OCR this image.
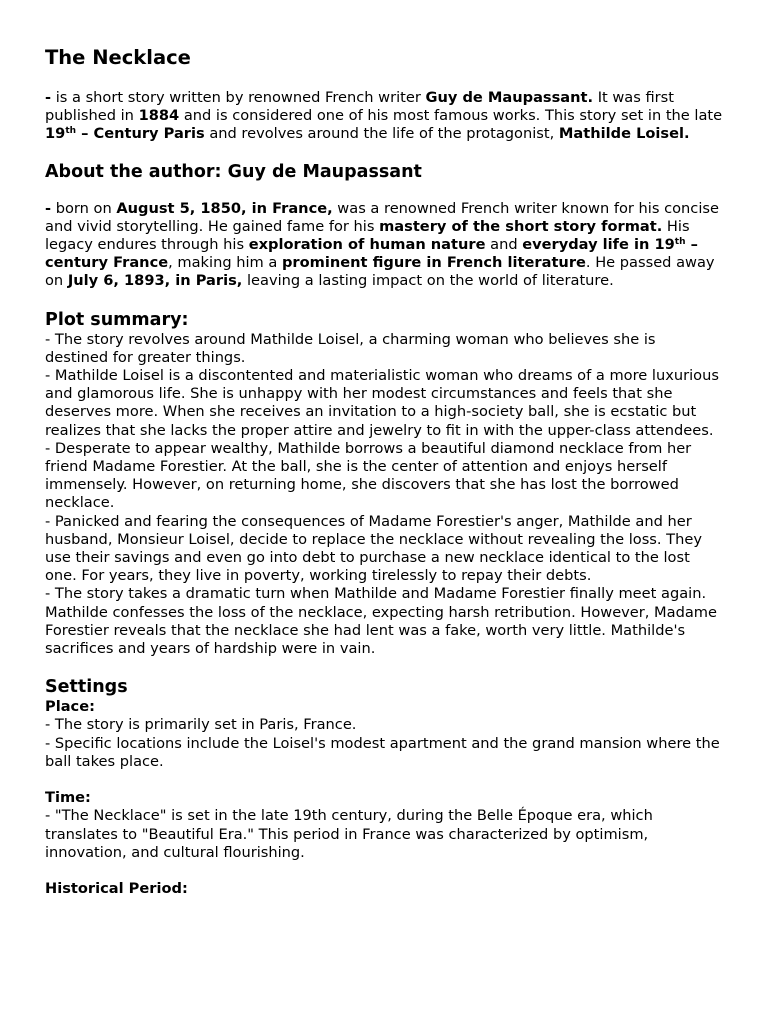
The Necklace

- is a short story written by renowned French writer Guy de Maupassant. It was first published in 1884 and is considered one of his most famous works. This story set in the late 19th – Century Paris and revolves around the life of the protagonist, Mathilde Loisel.

About the author: Guy de Maupassant

- born on August 5, 1850, in France, was a renowned French writer known for his concise and vivid storytelling. He gained fame for his mastery of the short story format. His legacy endures through his exploration of human nature and everyday life in 19th – century France, making him a prominent figure in French literature. He passed away on July 6, 1893, in Paris, leaving a lasting impact on the world of literature.

Plot summary:

- The story revolves around Mathilde Loisel, a charming woman who believes she is destined for greater things.

- Mathilde Loisel is a discontented and materialistic woman who dreams of a more luxurious and glamorous life. She is unhappy with her modest circumstances and feels that she deserves more. When she receives an invitation to a high-society ball, she is ecstatic but realizes that she lacks the proper attire and jewelry to fit in with the upper-class attendees.

- Desperate to appear wealthy, Mathilde borrows a beautiful diamond necklace from her friend Madame Forestier. At the ball, she is the center of attention and enjoys herself immensely. However, on returning home, she discovers that she has lost the borrowed necklace.

- Panicked and fearing the consequences of Madame Forestier's anger, Mathilde and her husband, Monsieur Loisel, decide to replace the necklace without revealing the loss. They use their savings and even go into debt to purchase a new necklace identical to the lost one. For years, they live in poverty, working tirelessly to repay their debts.

- The story takes a dramatic turn when Mathilde and Madame Forestier finally meet again. Mathilde confesses the loss of the necklace, expecting harsh retribution. However, Madame Forestier reveals that the necklace she had lent was a fake, worth very little. Mathilde's sacrifices and years of hardship were in vain.

Settings

Place:

- The story is primarily set in Paris, France.

- Specific locations include the Loisel's modest apartment and the grand mansion where the ball takes place.

Time:

- "The Necklace" is set in the late 19th century, during the Belle Époque era, which translates to "Beautiful Era." This period in France was characterized by optimism, innovation, and cultural flourishing.

Historical Period:
